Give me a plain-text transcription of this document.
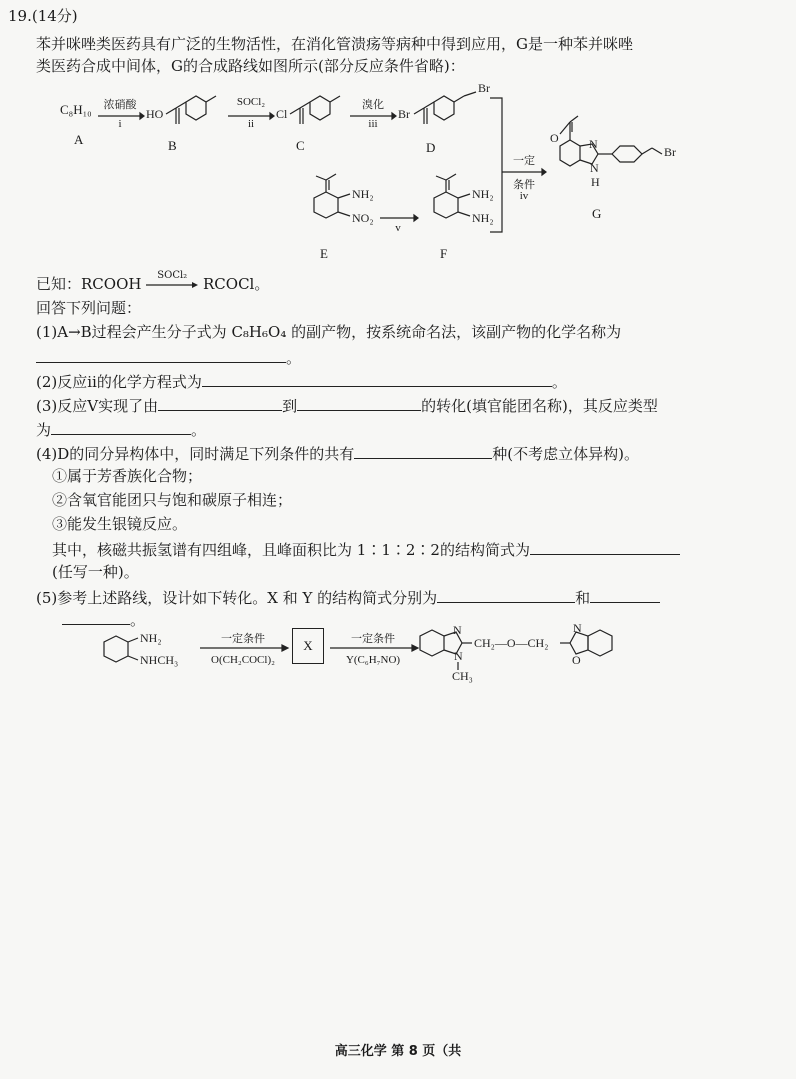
19.(14分)
苯并咪唑类医药具有广泛的生物活性，在消化管溃疡等病种中得到应用，G是一种苯并咪唑
类医药合成中间体，G的合成路线如图所示(部分反应条件省略)：
C₈H₁₀
A
浓硝酸
i
HO
B
SOCl₂
ii
Cl
C
溴化
iii
Br
Br
D
一定
条件
iv
O	N
N
H
Br
G
NH₂
NO₂
E
v
NH₂
NH₂
F
已知：RCOOH	SOCl₂	RCOCl。
回答下列问题：
(1)A→B过程会产生分子式为 C₈H₆O₄ 的副产物，按系统命名法，该副产物的化学名称为
。
(2)反应ⅱ的化学方程式为	。
(3)反应Ⅴ实现了由	到	的转化(填官能团名称)，其反应类型
为	。
(4)D的同分异构体中，同时满足下列条件的共有	种(不考虑立体异构)。
①属于芳香族化合物；
②含氧官能团只与饱和碳原子相连；
③能发生银镜反应。
其中，核磁共振氢谱有四组峰，且峰面积比为 1∶1∶2∶2的结构简式为
(任写一种)。
(5)参考上述路线，设计如下转化。X 和 Y 的结构简式分别为	和
。
NH₂
NHCH₃
一定条件
O(CH₂COCl)₂
X	一定条件
Y(C₆H₇NO)
N
N
CH₃
CH₂—O—CH₂
N
O
高三化学 第 8 页（共
